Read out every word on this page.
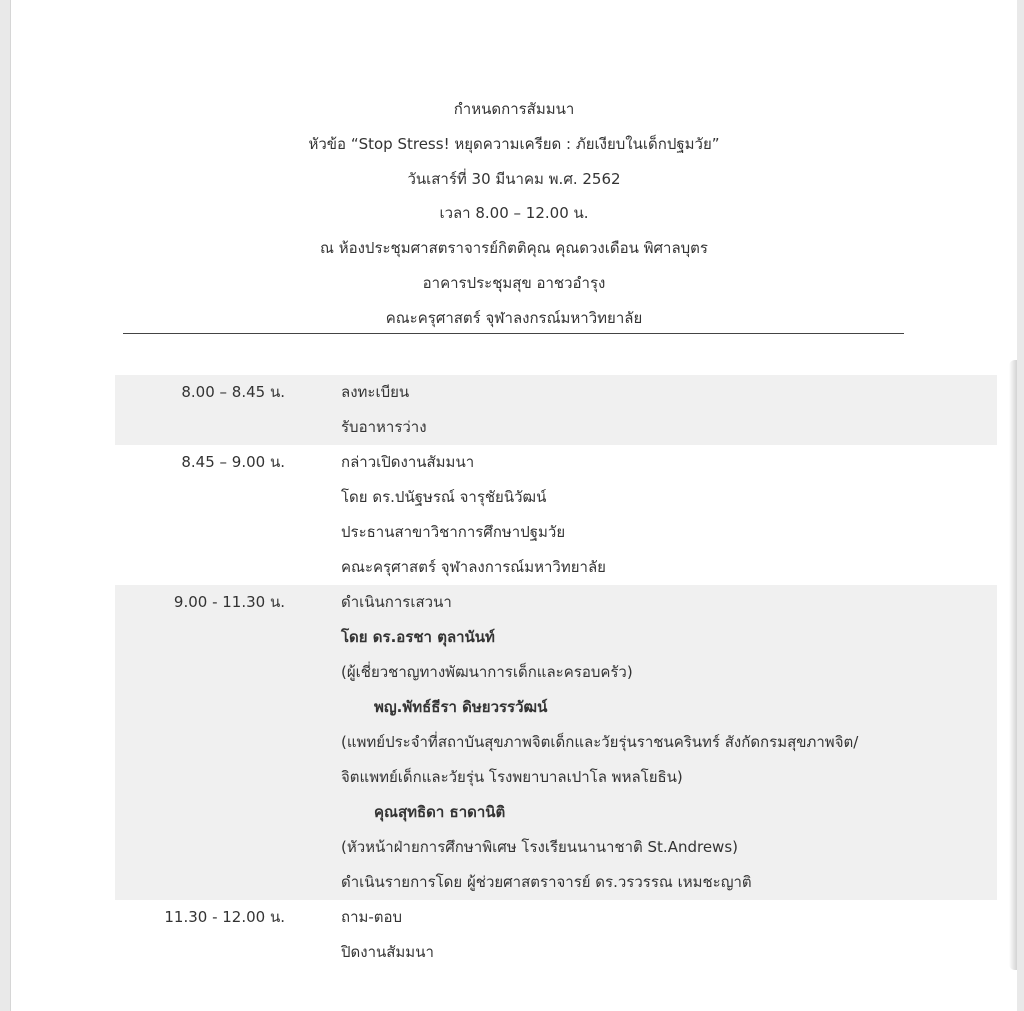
กำหนดการสัมมนา
หัวข้อ “Stop Stress! หยุดความเครียด : ภัยเงียบในเด็กปฐมวัย”
วันเสาร์ที่ 30 มีนาคม พ.ศ. 2562
เวลา 8.00 – 12.00 น.
ณ ห้องประชุมศาสตราจารย์กิตติคุณ คุณดวงเดือน พิศาลบุตร
อาคารประชุมสุข อาชวอำรุง
คณะครุศาสตร์ จุฬาลงกรณ์มหาวิทยาลัย
8.00 – 8.45 น.	ลงทะเบียน
รับอาหารว่าง
8.45 – 9.00 น.	กล่าวเปิดงานสัมมนา
โดย ดร.ปนัฐษรณ์ จารุชัยนิวัฒน์
ประธานสาขาวิชาการศึกษาปฐมวัย
คณะครุศาสตร์ จุฬาลงการณ์มหาวิทยาลัย
9.00 - 11.30 น.	ดำเนินการเสวนา
โดย ดร.อรชา ตุลานันท์
(ผู้เชี่ยวชาญทางพัฒนาการเด็กและครอบครัว)
พญ.พัทธ์ธีรา ดิษยวรรวัฒน์
(แพทย์ประจำที่สถาบันสุขภาพจิตเด็กและวัยรุ่นราชนครินทร์ สังกัดกรมสุขภาพจิต/
จิตแพทย์เด็กและวัยรุ่น โรงพยาบาลเปาโล พหลโยธิน)
คุณสุทธิดา ธาดานิติ
(หัวหน้าฝ่ายการศึกษาพิเศษ โรงเรียนนานาชาติ St.Andrews)
ดำเนินรายการโดย ผู้ช่วยศาสตราจารย์ ดร.วรวรรณ เหมชะญาติ
11.30 - 12.00 น.	ถาม-ตอบ
ปิดงานสัมมนา
